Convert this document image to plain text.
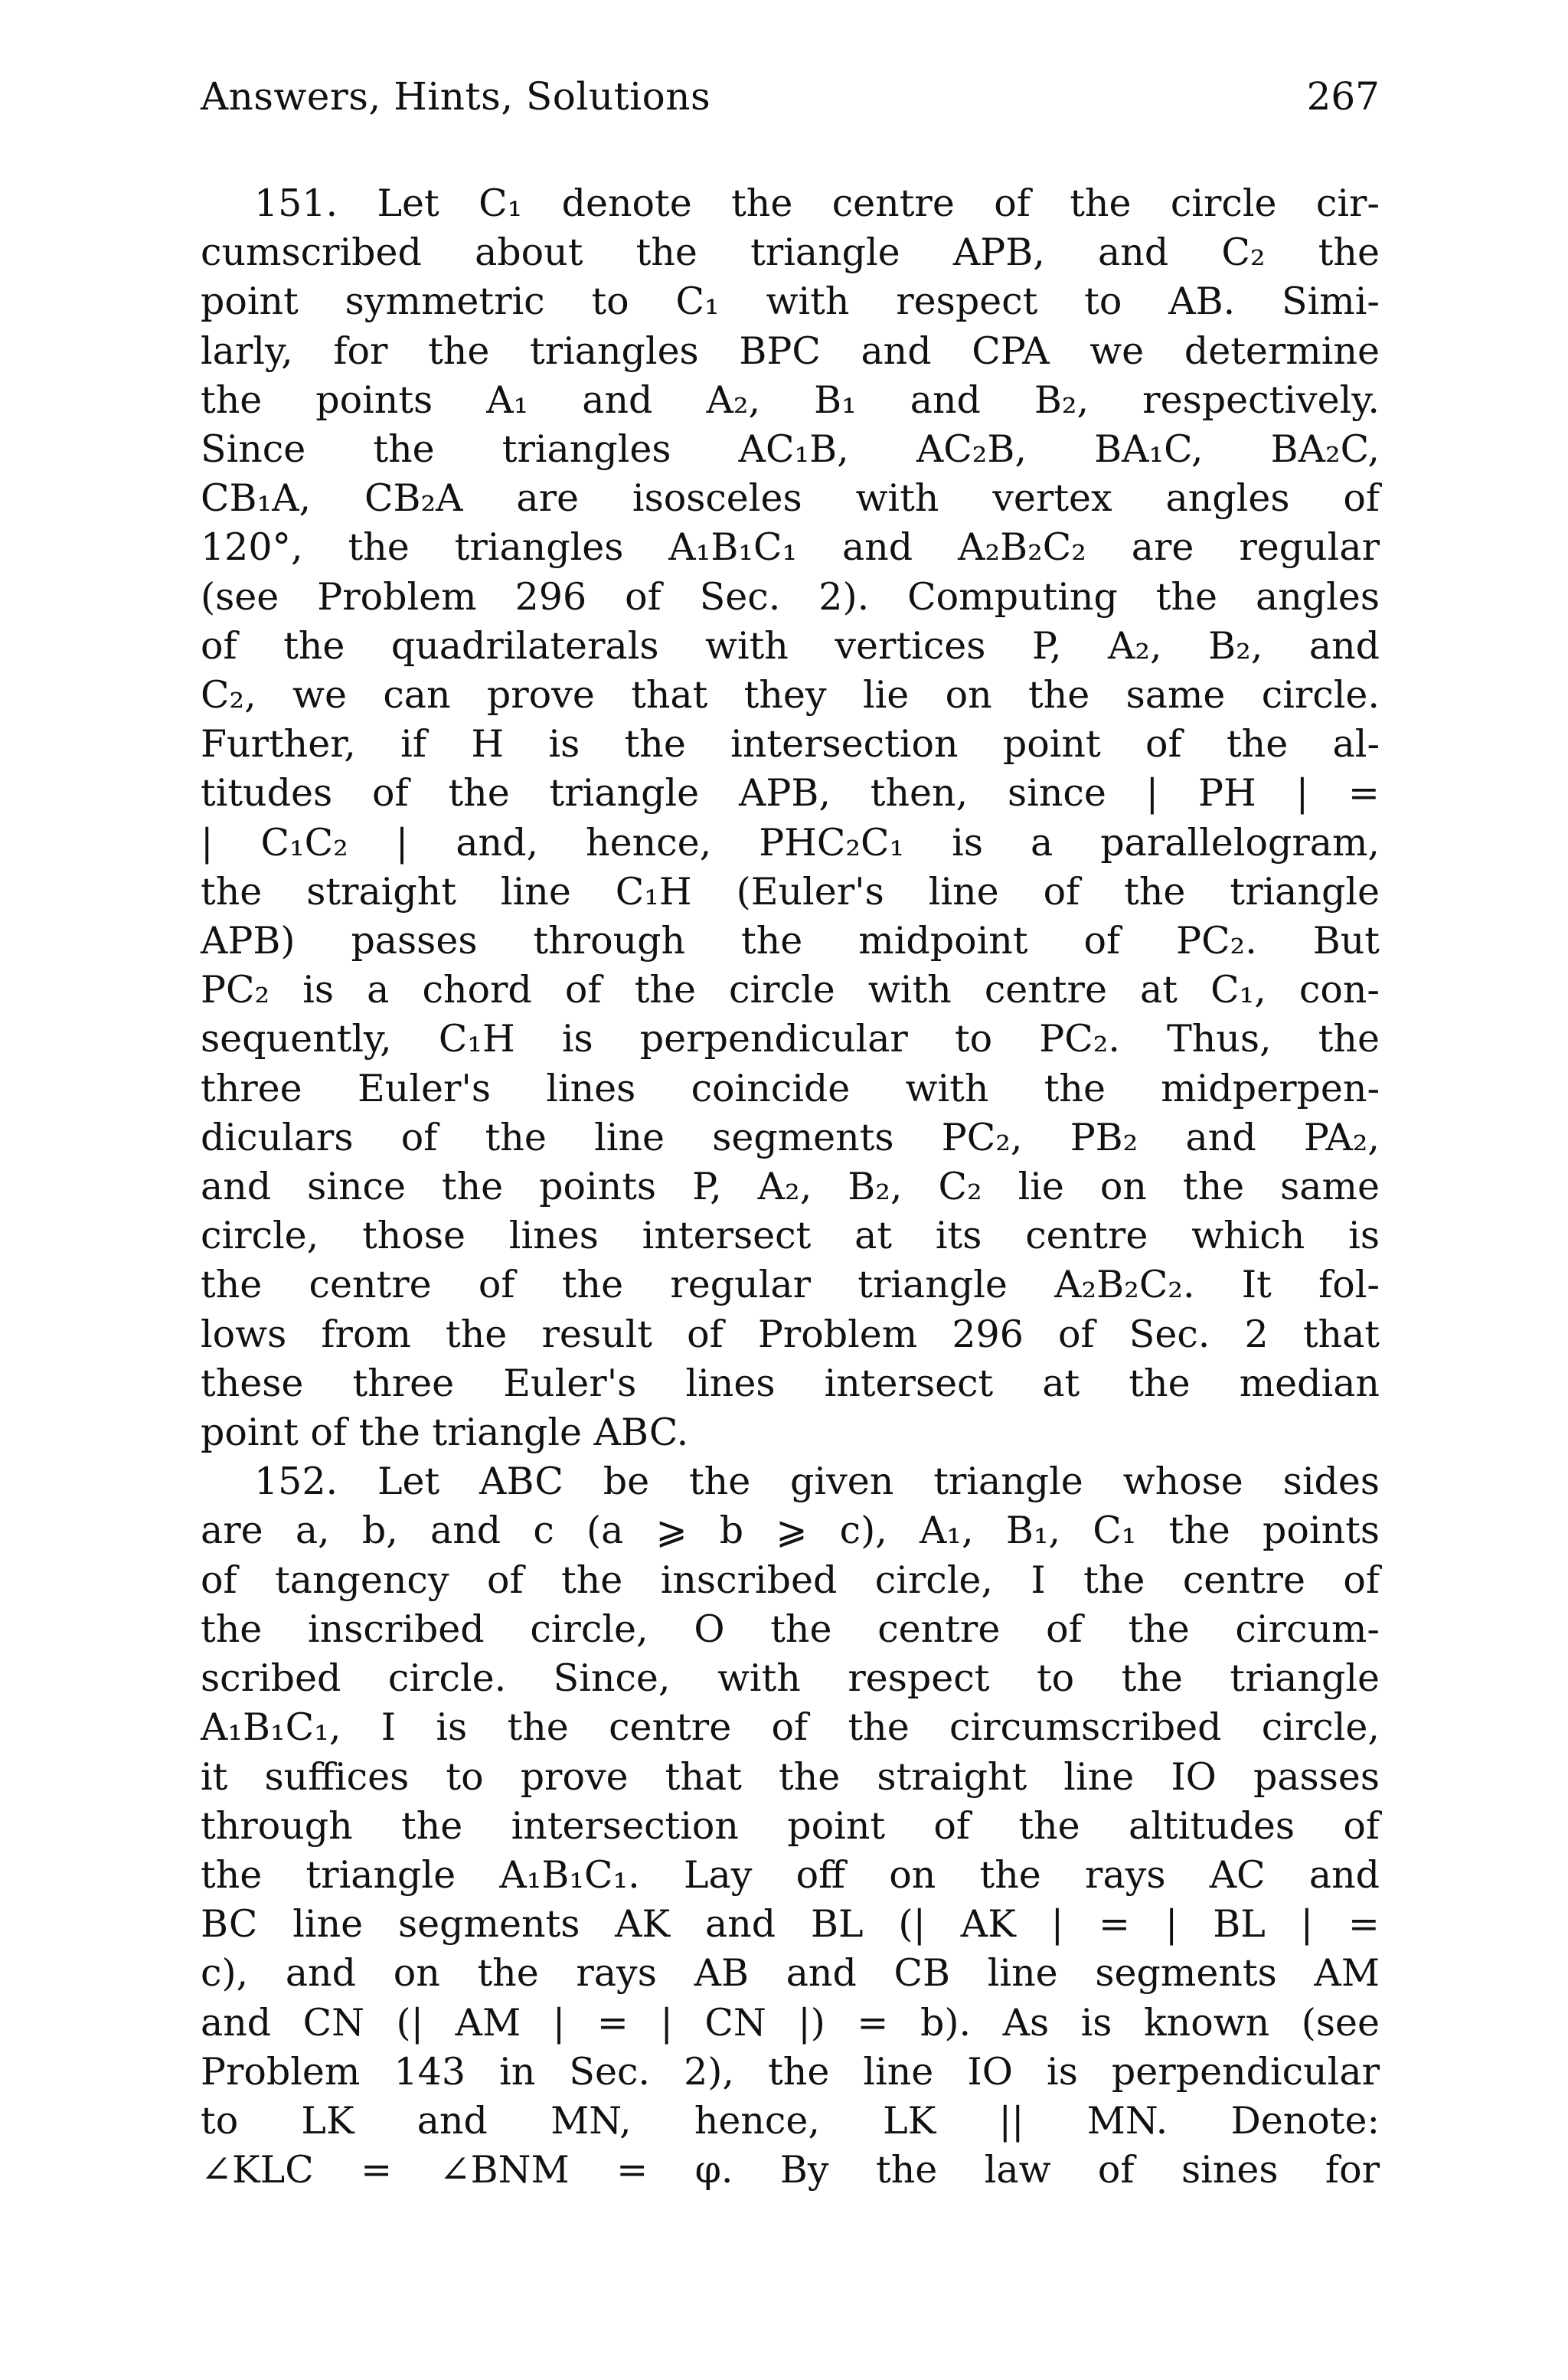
Answers, Hints, Solutions	267
151. Let C₁ denote the centre of the circle cir-
cumscribed about the triangle APB, and C₂ the
point symmetric to C₁ with respect to AB. Simi-
larly, for the triangles BPC and CPA we determine
the points A₁ and A₂, B₁ and B₂, respectively.
Since the triangles AC₁B, AC₂B, BA₁C, BA₂C,
CB₁A, CB₂A are isosceles with vertex angles of
120°, the triangles A₁B₁C₁ and A₂B₂C₂ are regular
(see Problem 296 of Sec. 2). Computing the angles
of the quadrilaterals with vertices P, A₂, B₂, and
C₂, we can prove that they lie on the same circle.
Further, if H is the intersection point of the al-
titudes of the triangle APB, then, since | PH | =
| C₁C₂ | and, hence, PHC₂C₁ is a parallelogram,
the straight line C₁H (Euler's line of the triangle
APB) passes through the midpoint of PC₂. But
PC₂ is a chord of the circle with centre at C₁, con-
sequently, C₁H is perpendicular to PC₂. Thus, the
three Euler's lines coincide with the midperpen-
diculars of the line segments PC₂, PB₂ and PA₂,
and since the points P, A₂, B₂, C₂ lie on the same
circle, those lines intersect at its centre which is
the centre of the regular triangle A₂B₂C₂. It fol-
lows from the result of Problem 296 of Sec. 2 that
these three Euler's lines intersect at the median
point of the triangle ABC.
152. Let ABC be the given triangle whose sides
are a, b, and c (a ⩾ b ⩾ c), A₁, B₁, C₁ the points
of tangency of the inscribed circle, I the centre of
the inscribed circle, O the centre of the circum-
scribed circle. Since, with respect to the triangle
A₁B₁C₁, I is the centre of the circumscribed circle,
it suffices to prove that the straight line IO passes
through the intersection point of the altitudes of
the triangle A₁B₁C₁. Lay off on the rays AC and
BC line segments AK and BL (| AK | = | BL | =
c), and on the rays AB and CB line segments AM
and CN (| AM | = | CN |) = b). As is known (see
Problem 143 in Sec. 2), the line IO is perpendicular
to LK and MN, hence, LK || MN. Denote:
∠KLC = ∠BNM = φ. By the law of sines for
